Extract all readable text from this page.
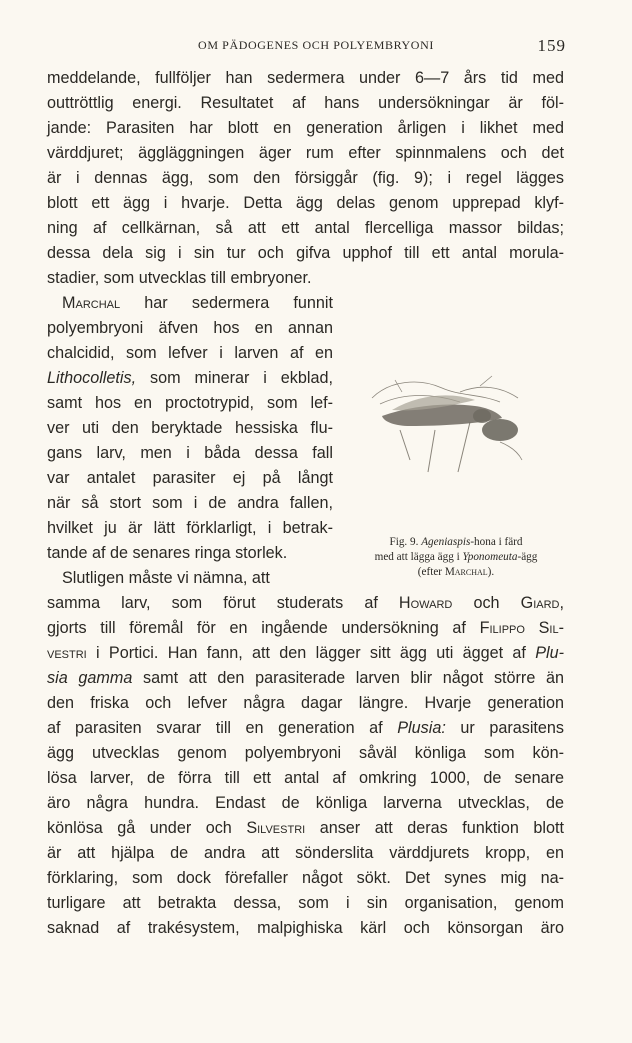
OM PÄDOGENES OCH POLYEMBRYONI	159
meddelande, fullföljer han sedermera under 6—7 års tid med
outtröttlig energi. Resultatet af hans undersökningar är föl-
jande: Parasiten har blott en generation årligen i likhet med
värddjuret; äggläggningen äger rum efter spinnmalens och det
är i dennas ägg, som den försiggår (fig. 9); i regel lägges
blott ett ägg i hvarje. Detta ägg delas genom upprepad klyf-
ning af cellkärnan, så att ett antal flercelliga massor bildas;
dessa dela sig i sin tur och gifva upphof till ett antal morula-
stadier, som utvecklas till embryoner.
Marchal har sedermera funnit
polyembryoni äfven hos en annan
chalcidid, som lefver i larven af en
Lithocolletis, som minerar i ekblad,
samt hos en proctotrypid, som lef-
ver uti den beryktade hessiska flu-
gans larv, men i båda dessa fall
var antalet parasiter ej på långt
när så stort som i de andra fallen,
hvilket ju är lätt förklarligt, i betrak-
tande af de senares ringa storlek.
Fig. 9. Ageniaspis-hona i färd
med att lägga ägg i Yponomeuta-ägg
(efter Marchal).
Slutligen måste vi nämna, att
samma larv, som förut studerats af Howard och Giard,
gjorts till föremål för en ingående undersökning af Filippo Sil-
vestri i Portici. Han fann, att den lägger sitt ägg uti ägget af Plu-
sia gamma samt att den parasiterade larven blir något större än
den friska och lefver några dagar längre. Hvarje generation
af parasiten svarar till en generation af Plusia: ur parasitens
ägg utvecklas genom polyembryoni såväl könliga som kön-
lösa larver, de förra till ett antal af omkring 1000, de senare
äro några hundra. Endast de könliga larverna utvecklas, de
könlösa gå under och Silvestri anser att deras funktion blott
är att hjälpa de andra att sönderslita värddjurets kropp, en
förklaring, som dock förefaller något sökt. Det synes mig na-
turligare att betrakta dessa, som i sin organisation, genom
saknad af trakésystem, malpighiska kärl och könsorgan äro
